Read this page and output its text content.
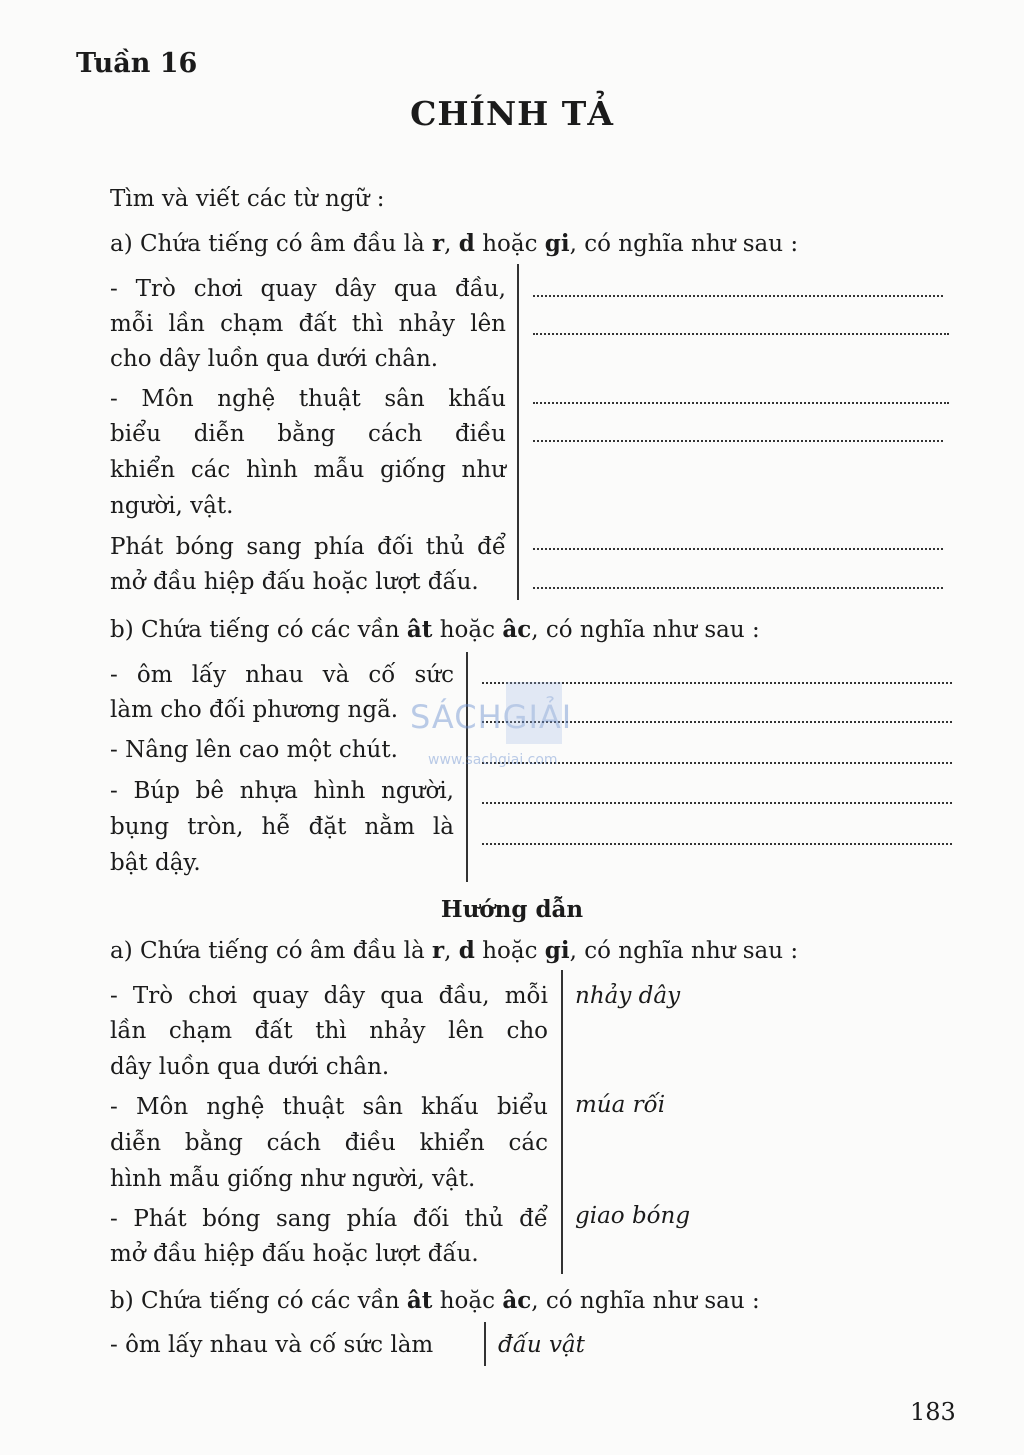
Tuần 16
CHÍNH TẢ
Tìm và viết các từ ngữ :
a) Chứa tiếng có âm đầu là r, d hoặc gi, có nghĩa như sau :
- Trò chơi quay dây qua đầu,
mỗi lần chạm đất thì nhảy lên
cho dây luồn qua dưới chân.
- Môn nghệ thuật sân khấu
biểu diễn bằng cách điều
khiển các hình mẫu giống như
người, vật.
Phát bóng sang phía đối thủ để
mở đầu hiệp đấu hoặc lượt đấu.
b) Chứa tiếng có các vần ât hoặc âc, có nghĩa như sau :
- ôm lấy nhau và cố sức
làm cho đối phương ngã.
- Nâng lên cao một chút.
- Búp bê nhựa hình người,
bụng tròn, hễ đặt nằm là
bật dậy.
SÁCHGIẢI
www.sachgiai.com
Hướng dẫn
a) Chứa tiếng có âm đầu là r, d hoặc gi, có nghĩa như sau :
- Trò chơi quay dây qua đầu, mỗi
lần chạm đất thì nhảy lên cho
dây luồn qua dưới chân.
- Môn nghệ thuật sân khấu biểu
diễn bằng cách điều khiển các
hình mẫu giống như người, vật.
- Phát bóng sang phía đối thủ để
mở đầu hiệp đấu hoặc lượt đấu.
nhảy dây
múa rối
giao bóng
b) Chứa tiếng có các vần ât hoặc âc, có nghĩa như sau :
- ôm lấy nhau và cố sức làm	đấu vật
183
